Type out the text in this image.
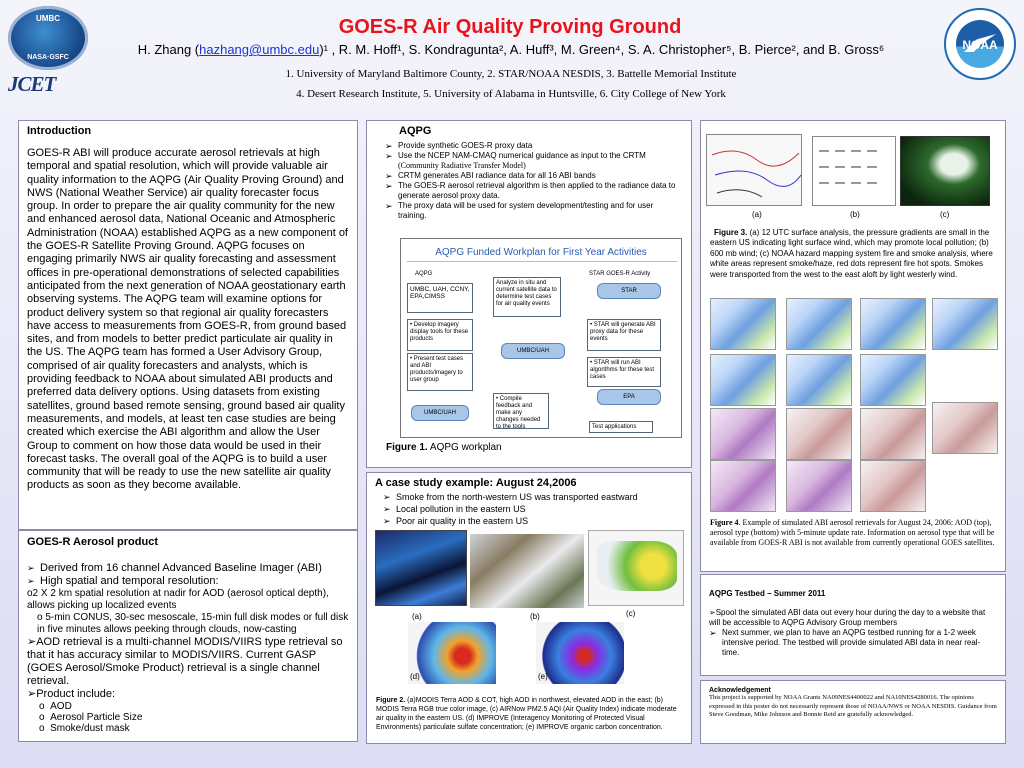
UMBC
NASA·GSFC
JCET
NOAA
GOES-R Air Quality Proving Ground
H. Zhang (hazhang@umbc.edu)¹ , R. M. Hoff¹, S. Kondragunta², A. Huff³, M. Green⁴, S. A. Christopher⁵, B. Pierce², and B. Gross⁶
1. University of Maryland Baltimore County, 2. STAR/NOAA NESDIS, 3. Battelle Memorial Institute
4. Desert Research Institute, 5. University of Alabama in Huntsville, 6. City College of New York
Introduction
GOES-R ABI will produce accurate aerosol retrievals at high temporal and spatial resolution, which will provide valuable air quality information to the AQPG (Air Quality Proving Ground) and NWS (National Weather Service) air quality forecaster focus group. In order to prepare the air quality community for the new and enhanced aerosol data, National Oceanic and Atmospheric Administration (NOAA) established AQPG as a new component of the GOES-R Satellite Proving Ground. AQPG focuses on engaging primarily NWS air quality forecasting and assessment offices in pre-operational demonstrations of selected capabilities anticipated from the next generation of NOAA geostationary earth observing systems. The AQPG team will examine options for product delivery system so that regional air quality forecasters have access to measurements from GOES-R, from ground based sites, and from models to better predict particulate air quality in the US. The AQPG team has formed a User Advisory Group, comprised of air quality forecasters and analysts, which is providing feedback to NOAA about simulated ABI products and preferred data delivery options. Using datasets from existing satellites, ground based remote sensing, ground based air quality measurements, and models, at least ten case studies are being created which exercise the ABI algorithm and allow the User Group to comment on how those data would be used in their forecast tasks. The overall goal of the AQPG is to build a user community that will be ready to use the new satellite air quality products as soon as they become available.
GOES-R Aerosol product
➢ Derived from 16 channel Advanced Baseline Imager (ABI)
➢ High spatial and temporal resolution:
o2 X 2 km spatial resolution at nadir for AOD (aerosol optical depth), allows picking up localized events
o 5-min CONUS, 30-sec mesoscale, 15-min full disk modes or full disk in five minutes allows peeking through clouds, now-casting
➢AOD retrieval is a multi-channel MODIS/VIIRS type retrieval so that it has accuracy similar to MODIS/VIIRS. Current GASP (GOES Aerosol/Smoke Product) retrieval is a single channel retrieval.
➢Product include:
o  AOD
o  Aerosol Particle Size
o  Smoke/dust mask
AQPG
➢ Provide synthetic GOES-R proxy data
➢ Use the NCEP NAM-CMAQ numerical guidance as input to the CRTM
(Community Radiative Transfer Model)
➢ CRTM generates ABI radiance data for all 16 ABI bands
➢ The GOES-R aerosol retrieval algorithm is then applied to the radiance data to generate aerosol proxy data.
➢ The proxy data will be used for system development/testing and for user training.
AQPG Funded Workplan for First Year Activities
AQPG	STAR GOES-R Activity
UMBC, UAH, CCNY, EPA,CIMSS
Analyze in situ and current satellite data to determine test cases for air quality events
STAR
• Develop imagery display tools for these products
• STAR will generate ABI proxy data for these events
UMBC/UAH
• Present test cases and ABI products/imagery to user group
• STAR will run ABI algorithms for these test cases
• Compile feedback and make any changes needed to the tools
UMBC/UAH
EPA
Test applications
Figure 1. AQPG workplan
A case study example: August 24,2006
➢ Smoke from the north-western US was transported eastward
➢ Local pollution in the eastern US
➢ Poor air quality in the eastern US
(a)	(b)	(c)
(d)	(e)
Figure 2. (a)MODIS Terra AOD & COT, high AOD in northwest, elevated AOD in the east; (b) MODIS Terra RGB true color image, (c) AIRNow PM2.5 AQI (Air Quality Index) indicate moderate air quality in the eastern US. (d) IMPROVE (Interagency Monitoring of Protected Visual Environments) particulate sulfate concentration; (e) IMPROVE organic carbon concentration.
(a)	(b)	(c)
Figure 3. (a) 12 UTC surface analysis, the pressure gradients are small in the eastern US indicating light surface wind, which may promote local pollution; (b) 600 mb wind; (c) NOAA hazard mapping system fire and smoke analysis, where white areas represent smoke/haze, red dots represent fire hot spots. Smokes were transported from the west to the east aloft by light westerly wind.
Figure 4. Example of simulated ABI aerosol retrievals for August 24, 2006: AOD (top), aerosol type (bottom) with 5-minute update rate. Information on aerosol type that will be available from GOES-R ABI is not available from currently operational GOES satellites.
AQPG Testbed – Summer 2011
➢Spool the simulated ABI data out every hour during the day to a website that will be accessible to AQPG Advisory Group members
➢ Next summer, we plan to have an AQPG testbed running for a 1-2 week intensive period. The testbed will provide simulated ABI data in near real-time.
Acknowledgement
This project is supported by NOAA Grants NA09NES4400022 and NA10NES4280016. The opinions expressed in this poster do not necessarily represent those of NOAA/NWS or NOAA NESDIS. Guidance from Steve Goodman, Mike Johnson and Bonnie Reid are gratefully acknowledged.
